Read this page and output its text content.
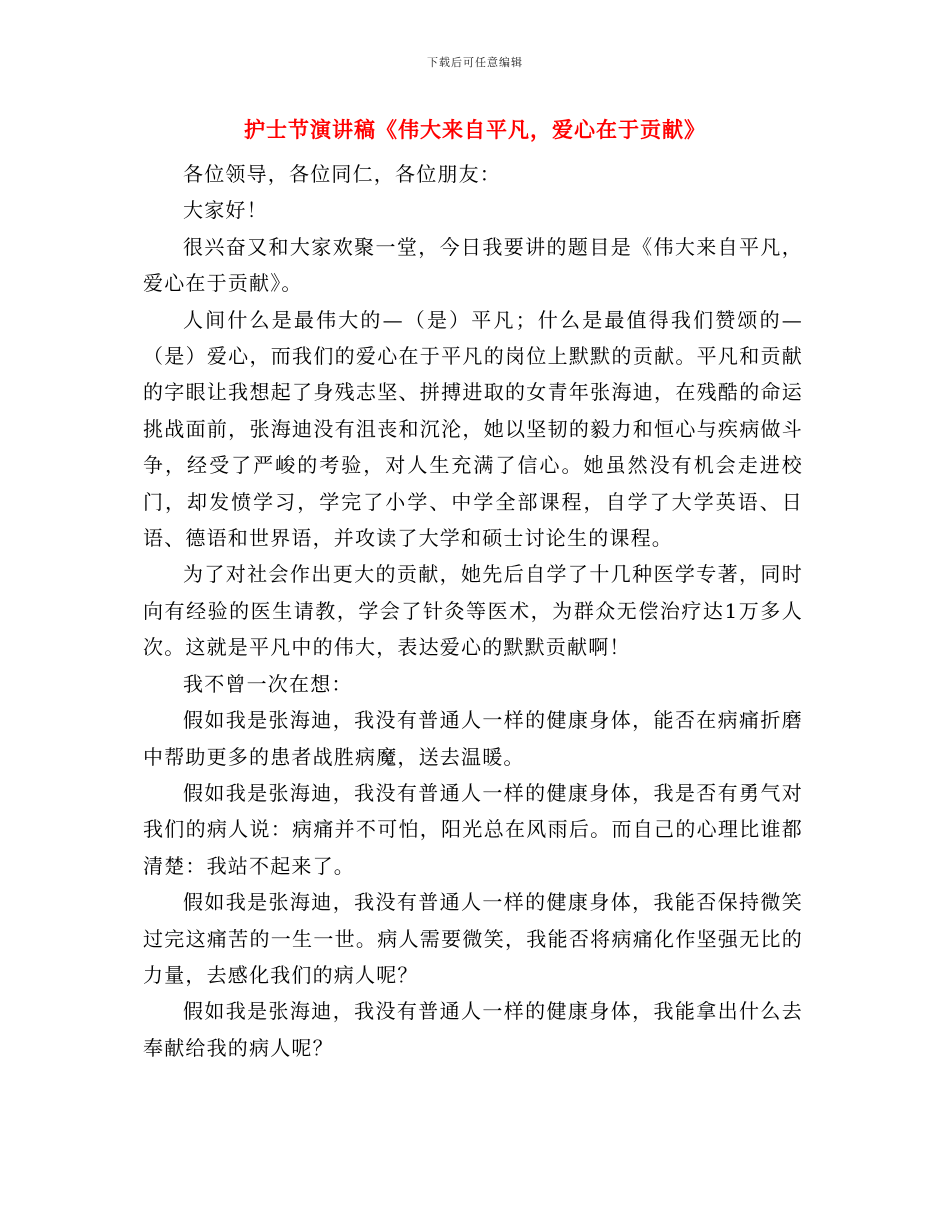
下载后可任意编辑
护士节演讲稿《伟大来自平凡，爱心在于贡献》

各位领导，各位同仁，各位朋友：

大家好！

很兴奋又和大家欢聚一堂，今日我要讲的题目是《伟大来自平凡，爱心在于贡献》。

人间什么是最伟大的—（是）平凡；什么是最值得我们赞颂的—（是）爱心，而我们的爱心在于平凡的岗位上默默的贡献。平凡和贡献的字眼让我想起了身残志坚、拼搏进取的女青年张海迪，在残酷的命运挑战面前，张海迪没有沮丧和沉沦，她以坚韧的毅力和恒心与疾病做斗争，经受了严峻的考验，对人生充满了信心。她虽然没有机会走进校门，却发愤学习，学完了小学、中学全部课程，自学了大学英语、日语、德语和世界语，并攻读了大学和硕士讨论生的课程。

为了对社会作出更大的贡献，她先后自学了十几种医学专著，同时向有经验的医生请教，学会了针灸等医术，为群众无偿治疗达1万多人次。这就是平凡中的伟大，表达爱心的默默贡献啊！

我不曾一次在想：

假如我是张海迪，我没有普通人一样的健康身体，能否在病痛折磨中帮助更多的患者战胜病魔，送去温暖。

假如我是张海迪，我没有普通人一样的健康身体，我是否有勇气对我们的病人说：病痛并不可怕，阳光总在风雨后。而自己的心理比谁都清楚：我站不起来了。

假如我是张海迪，我没有普通人一样的健康身体，我能否保持微笑过完这痛苦的一生一世。病人需要微笑，我能否将病痛化作坚强无比的力量，去感化我们的病人呢？

假如我是张海迪，我没有普通人一样的健康身体，我能拿出什么去奉献给我的病人呢？
